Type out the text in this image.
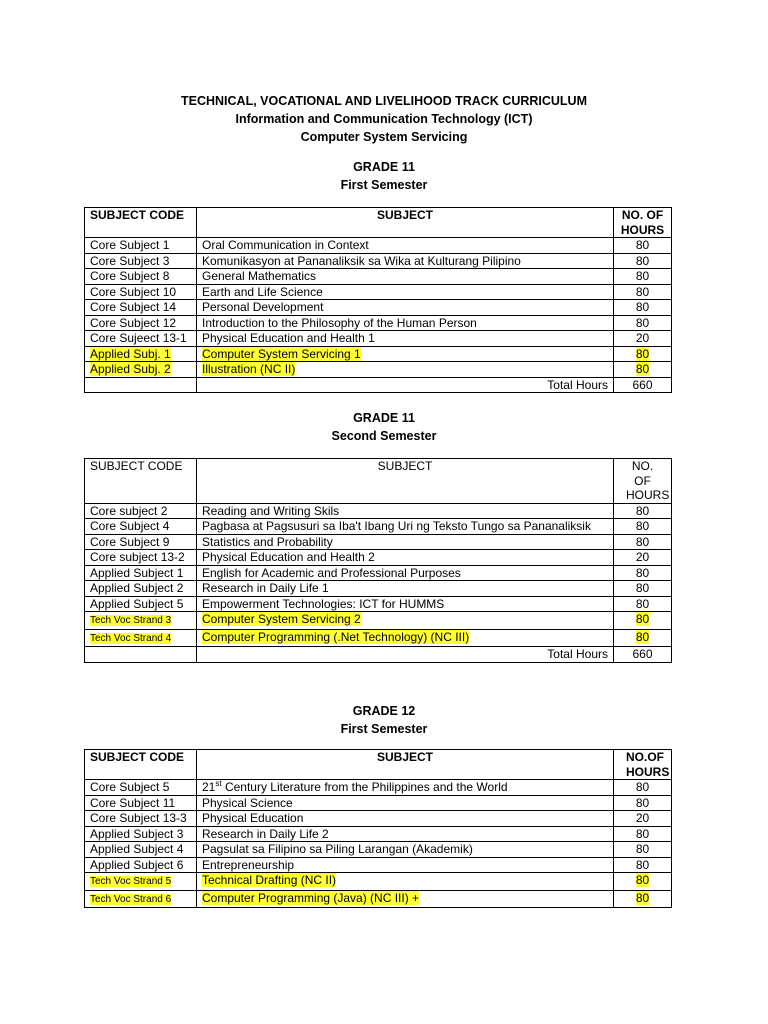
TECHNICAL, VOCATIONAL AND LIVELIHOOD TRACK CURRICULUM
Information and Communication Technology (ICT)
Computer System Servicing
GRADE 11
First Semester
SUBJECT CODE	SUBJECT	NO. OF HOURS
Core Subject 1	Oral Communication in Context	80
Core Subject 3	Komunikasyon at Pananaliksik sa Wika at Kulturang Pilipino	80
Core Subject 8	General Mathematics	80
Core Subject 10	Earth and Life Science	80
Core Subject 14	Personal Development	80
Core Subject 12	Introduction to the Philosophy of the Human Person	80
Core Sujeect 13-1	Physical Education and Health 1	20
Applied Subj. 1	Computer System Servicing 1	80
Applied Subj. 2	Illustration (NC II)	80
	Total Hours	660
GRADE 11
Second Semester
SUBJECT CODE	SUBJECT	NO. OF HOURS
Core subject 2	Reading and Writing Skils	80
Core Subject 4	Pagbasa at Pagsusuri sa Iba't Ibang Uri ng Teksto Tungo sa Pananaliksik	80
Core Subject 9	Statistics and Probability	80
Core subject 13-2	Physical Education and Health 2	20
Applied Subject 1	English for Academic and Professional Purposes	80
Applied Subject 2	Research in Daily Life 1	80
Applied Subject 5	Empowerment Technologies: ICT for HUMMS	80
Tech Voc Strand 3	Computer System Servicing 2	80
Tech Voc Strand 4	Computer Programming (.Net Technology) (NC III)	80
	Total Hours	660
GRADE 12
First Semester
SUBJECT CODE	SUBJECT	NO.OF HOURS
Core Subject 5	21st Century Literature from the Philippines and the World	80
Core Subject 11	Physical Science	80
Core Subject 13-3	Physical Education	20
Applied Subject 3	Research in Daily Life 2	80
Applied Subject 4	Pagsulat sa Filipino sa Piling Larangan (Akademik)	80
Applied Subject 6	Entrepreneurship	80
Tech Voc Strand 5	Technical Drafting (NC II)	80
Tech Voc Strand 6	Computer Programming (Java) (NC III) +	80
